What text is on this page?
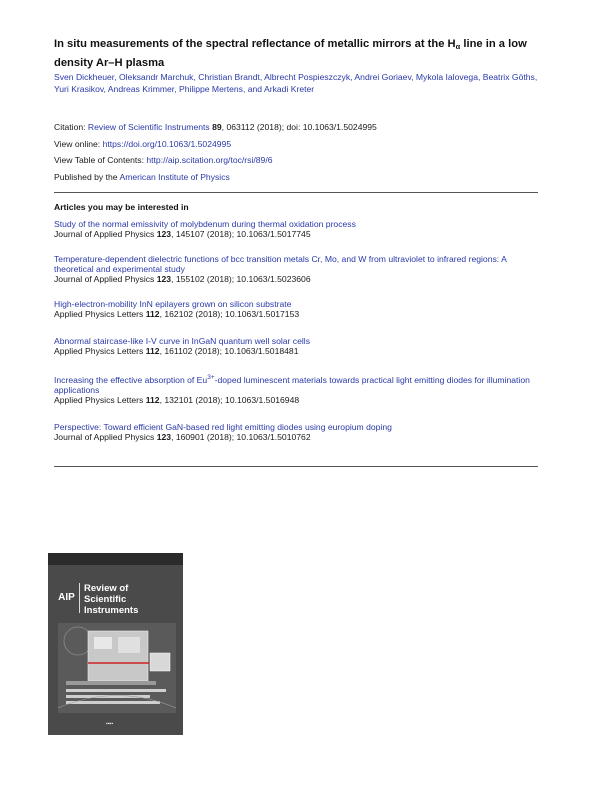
In situ measurements of the spectral reflectance of metallic mirrors at the $H_\alpha$ line in a low density Ar–H plasma
Sven Dickheuer, Oleksandr Marchuk, Christian Brandt, Albrecht Pospieszczyk, Andrei Goriaev, Mykola Ialovega, Beatrix Göths, Yuri Krasikov, Andreas Krimmer, Philippe Mertens, and Arkadi Kreter
Citation: Review of Scientific Instruments 89, 063112 (2018); doi: 10.1063/1.5024995
View online: https://doi.org/10.1063/1.5024995
View Table of Contents: http://aip.scitation.org/toc/rsi/89/6
Published by the American Institute of Physics
Articles you may be interested in
Study of the normal emissivity of molybdenum during thermal oxidation process
Journal of Applied Physics 123, 145107 (2018); 10.1063/1.5017745
Temperature-dependent dielectric functions of bcc transition metals Cr, Mo, and W from ultraviolet to infrared regions: A theoretical and experimental study
Journal of Applied Physics 123, 155102 (2018); 10.1063/1.5023606
High-electron-mobility InN epilayers grown on silicon substrate
Applied Physics Letters 112, 162102 (2018); 10.1063/1.5017153
Abnormal staircase-like I-V curve in InGaN quantum well solar cells
Applied Physics Letters 112, 161102 (2018); 10.1063/1.5018481
Increasing the effective absorption of $Eu^{3+}$-doped luminescent materials towards practical light emitting diodes for illumination applications
Applied Physics Letters 112, 132101 (2018); 10.1063/1.5016948
Perspective: Toward efficient GaN-based red light emitting diodes using europium doping
Journal of Applied Physics 123, 160901 (2018); 10.1063/1.5010762
AIP
Review of
Scientific Instruments
▪▪▪▪
